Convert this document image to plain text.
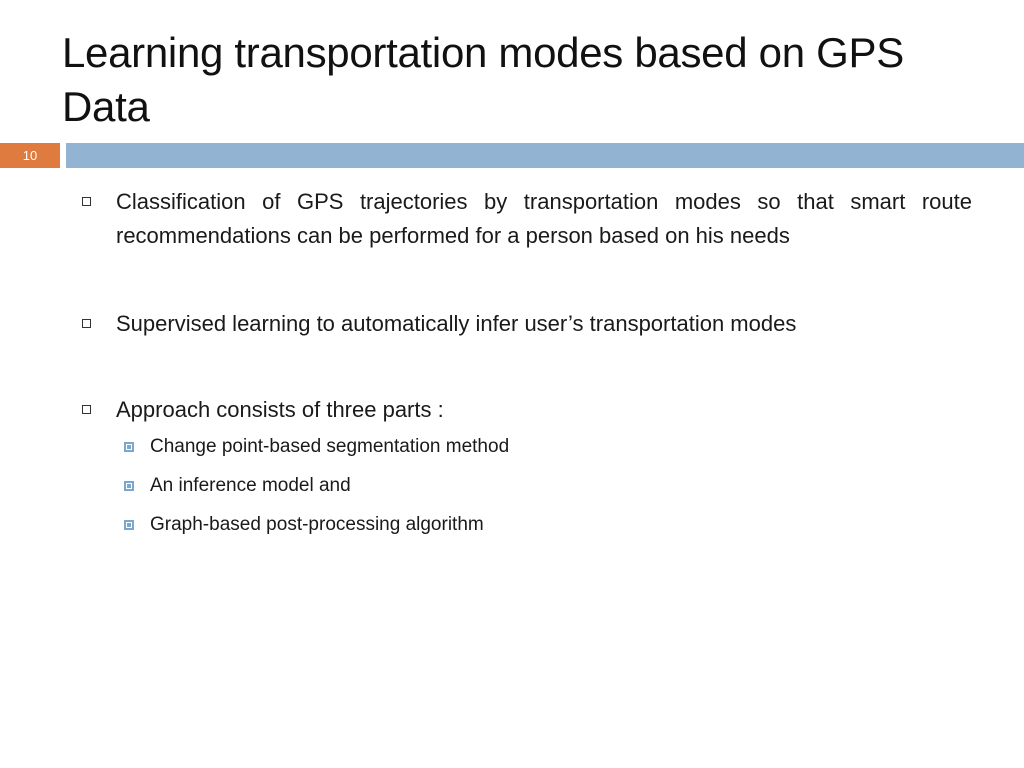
Learning transportation modes based on GPS Data
10
Classification of GPS trajectories by transportation modes so that smart route recommendations can be performed for a person based on his needs
Supervised learning to automatically infer user’s transportation modes
Approach consists of three parts :
Change point-based segmentation method
An inference model and
Graph-based post-processing algorithm
